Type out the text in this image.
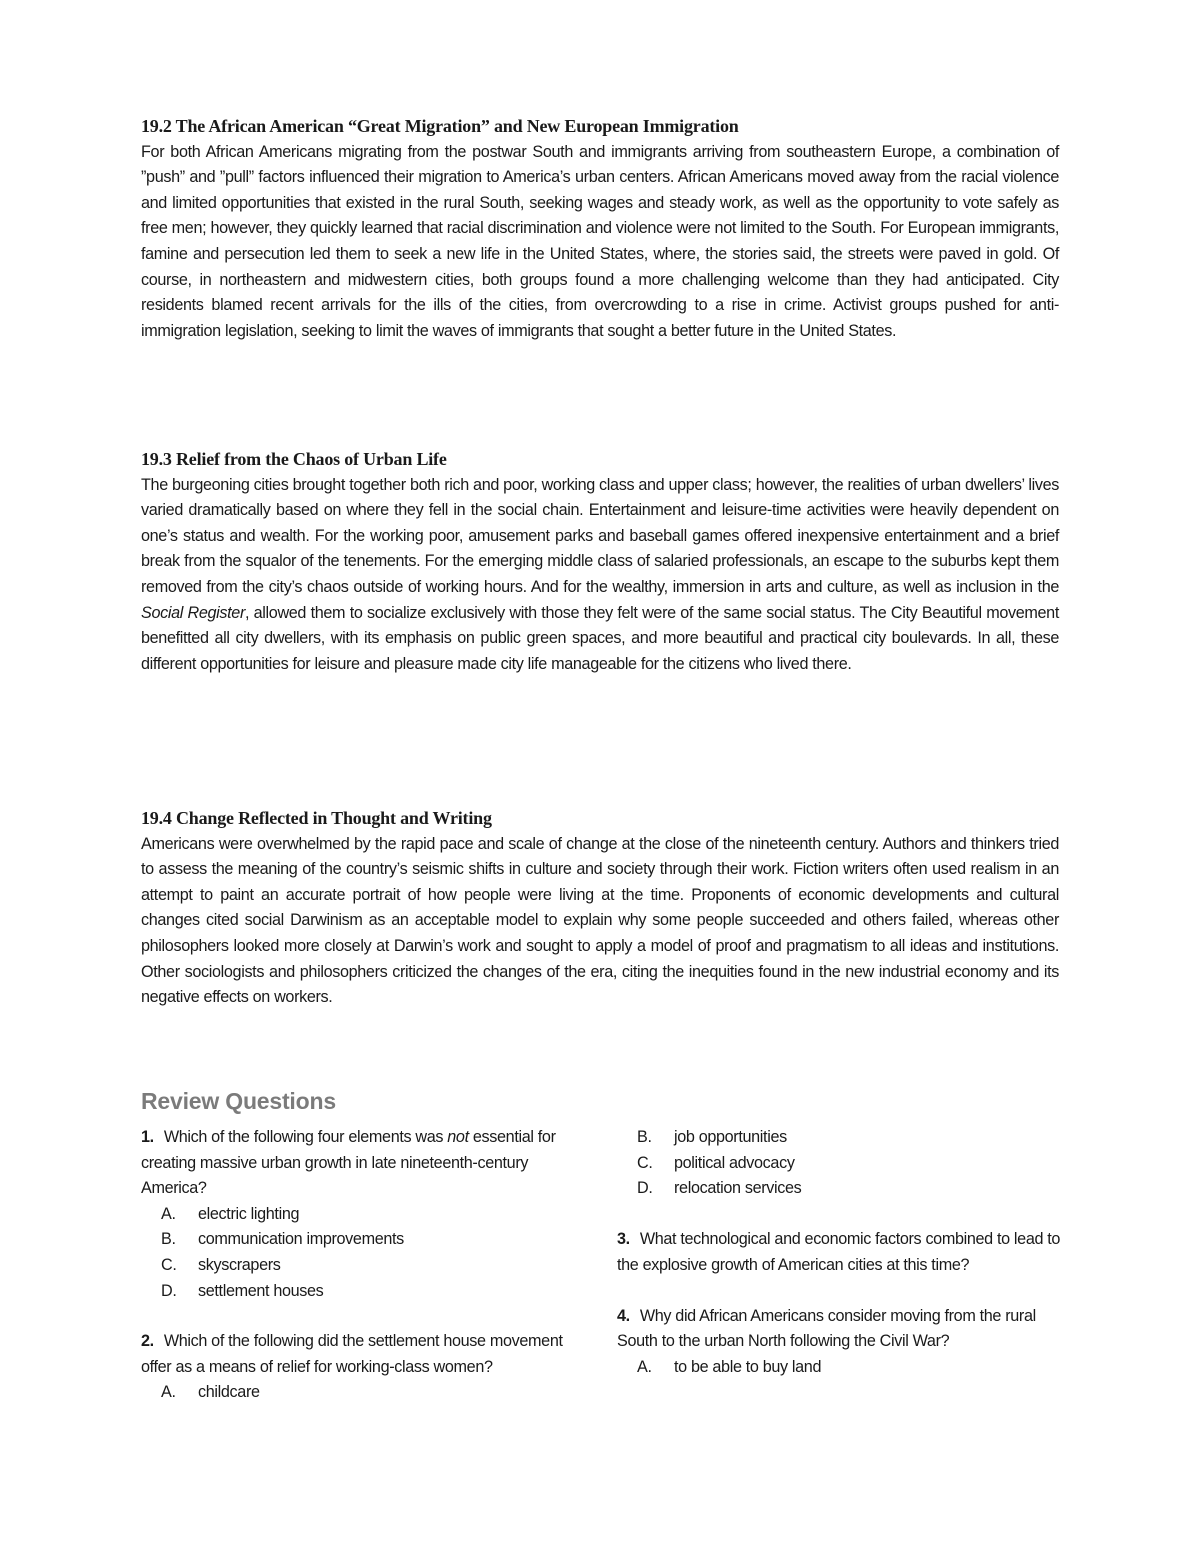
19.2 The African American “Great Migration” and New European Immigration

For both African Americans migrating from the postwar South and immigrants arriving from southeastern Europe, a combination of ”push” and ”pull” factors influenced their migration to America’s urban centers. African Americans moved away from the racial violence and limited opportunities that existed in the rural South, seeking wages and steady work, as well as the opportunity to vote safely as free men; however, they quickly learned that racial discrimination and violence were not limited to the South. For European immigrants, famine and persecution led them to seek a new life in the United States, where, the stories said, the streets were paved in gold. Of course, in northeastern and midwestern cities, both groups found a more challenging welcome than they had anticipated. City residents blamed recent arrivals for the ills of the cities, from overcrowding to a rise in crime. Activist groups pushed for anti-immigration legislation, seeking to limit the waves of immigrants that sought a better future in the United States.

19.3 Relief from the Chaos of Urban Life

The burgeoning cities brought together both rich and poor, working class and upper class; however, the realities of urban dwellers’ lives varied dramatically based on where they fell in the social chain. Entertainment and leisure-time activities were heavily dependent on one’s status and wealth. For the working poor, amusement parks and baseball games offered inexpensive entertainment and a brief break from the squalor of the tenements. For the emerging middle class of salaried professionals, an escape to the suburbs kept them removed from the city’s chaos outside of working hours. And for the wealthy, immersion in arts and culture, as well as inclusion in the Social Register, allowed them to socialize exclusively with those they felt were of the same social status. The City Beautiful movement benefitted all city dwellers, with its emphasis on public green spaces, and more beautiful and practical city boulevards. In all, these different opportunities for leisure and pleasure made city life manageable for the citizens who lived there.

19.4 Change Reflected in Thought and Writing

Americans were overwhelmed by the rapid pace and scale of change at the close of the nineteenth century. Authors and thinkers tried to assess the meaning of the country’s seismic shifts in culture and society through their work. Fiction writers often used realism in an attempt to paint an accurate portrait of how people were living at the time. Proponents of economic developments and cultural changes cited social Darwinism as an acceptable model to explain why some people succeeded and others failed, whereas other philosophers looked more closely at Darwin’s work and sought to apply a model of proof and pragmatism to all ideas and institutions. Other sociologists and philosophers criticized the changes of the era, citing the inequities found in the new industrial economy and its negative effects on workers.

Review Questions

1. Which of the following four elements was not essential for creating massive urban growth in late nineteenth-century America?

A.	electric lighting
B.	communication improvements
C.	skyscrapers
D.	settlement houses

2. Which of the following did the settlement house movement offer as a means of relief for working-class women?

A.	childcare
B.	job opportunities
C.	political advocacy
D.	relocation services

3. What technological and economic factors combined to lead to the explosive growth of American cities at this time?

4. Why did African Americans consider moving from the rural South to the urban North following the Civil War?

A.	to be able to buy land
